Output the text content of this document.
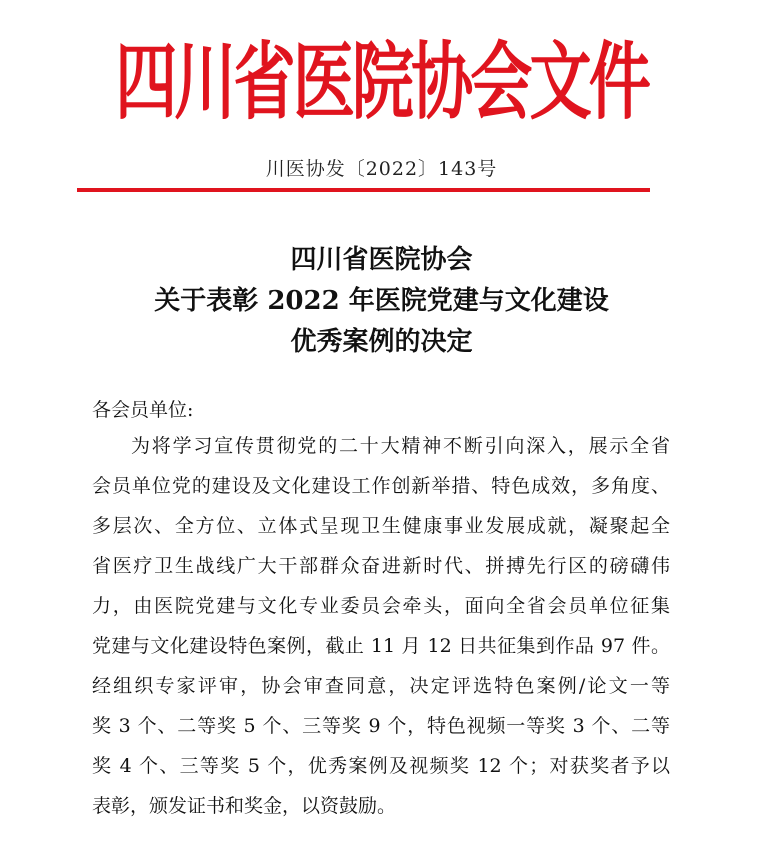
四川省医院协会文件
川医协发〔2022〕143号
四川省医院协会
关于表彰 2022 年医院党建与文化建设
优秀案例的决定
各会员单位:
为将学习宣传贯彻党的二十大精神不断引向深入，展示全省
会员单位党的建设及文化建设工作创新举措、特色成效，多角度、
多层次、全方位、立体式呈现卫生健康事业发展成就，凝聚起全
省医疗卫生战线广大干部群众奋进新时代、拼搏先行区的磅礴伟
力，由医院党建与文化专业委员会牵头，面向全省会员单位征集
党建与文化建设特色案例，截止 11 月 12 日共征集到作品 97 件。
经组织专家评审，协会审查同意，决定评选特色案例/论文一等
奖 3 个、二等奖 5 个、三等奖 9 个，特色视频一等奖 3 个、二等
奖 4 个、三等奖 5 个，优秀案例及视频奖 12 个；对获奖者予以
表彰，颁发证书和奖金，以资鼓励。
